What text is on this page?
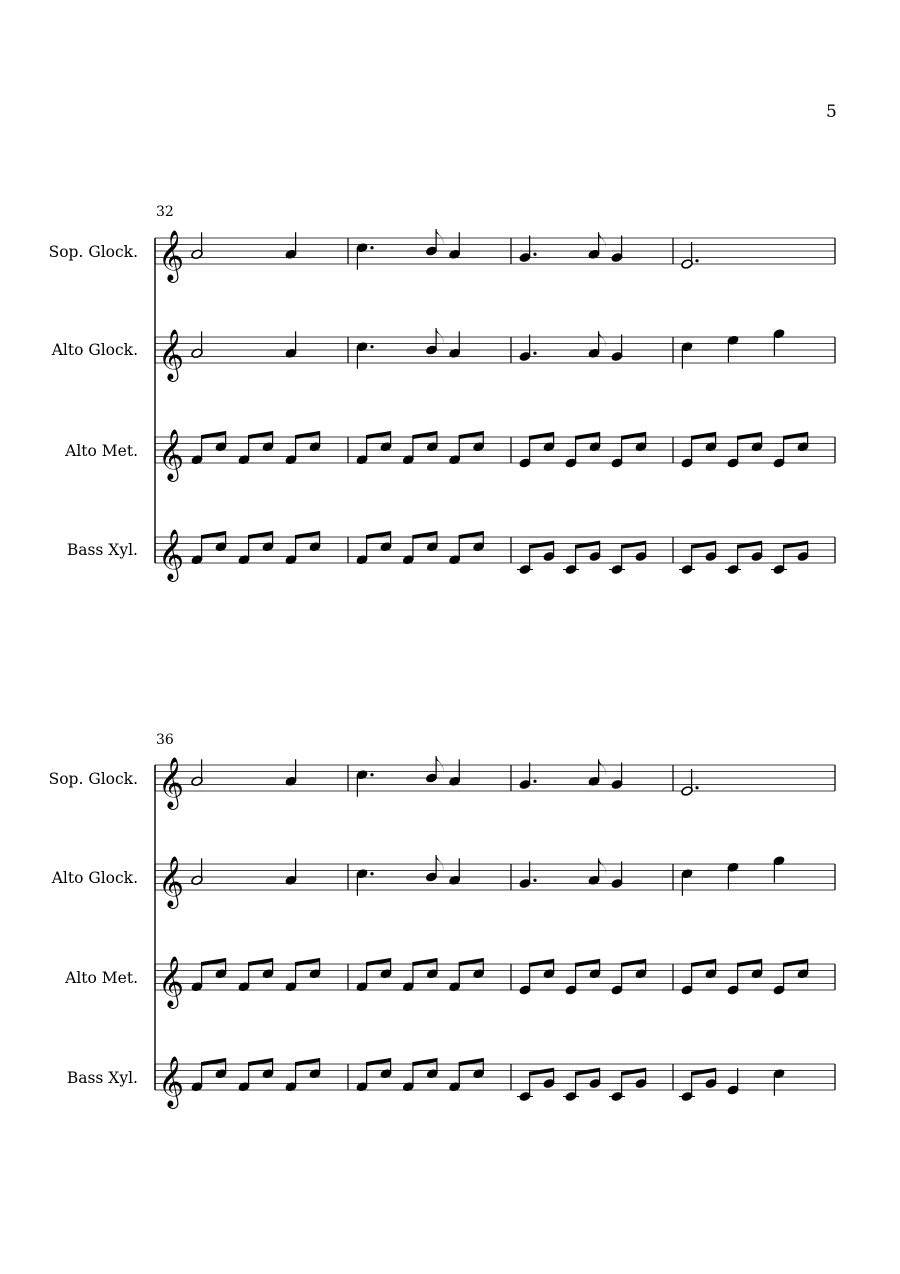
5
32
Sop. Glock.
Alto Glock.
Alto Met.
Bass Xyl.
36
Sop. Glock.
Alto Glock.
Alto Met.
Bass Xyl.
𝄞
𝄞
𝄞
𝄞
𝄞
𝄞
𝄞
𝄞
